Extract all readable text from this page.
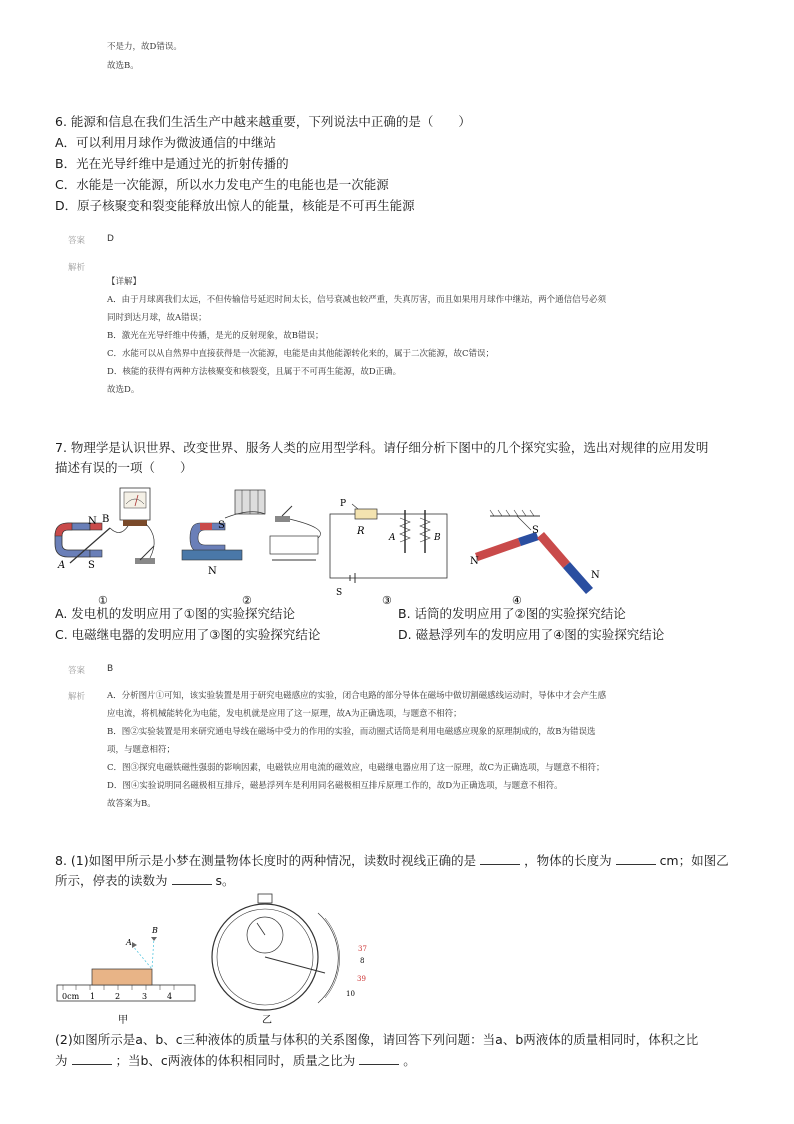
不是力，故D错误。
故选B。
6. 能源和信息在我们生活生产中越来越重要，下列说法中正确的是（　　）
A．可以利用月球作为微波通信的中继站
B．光在光导纤维中是通过光的折射传播的
C．水能是一次能源，所以水力发电产生的电能也是一次能源
D．原子核聚变和裂变能释放出惊人的能量，核能是不可再生能源
答案 D
解析
【详解】
A．由于月球离我们太远，不但传输信号延迟时间太长，信号衰减也较严重，失真厉害，而且如果用月球作中继站，两个通信信号必须
同时到达月球，故A错误；
B．激光在光导纤维中传播，是光的反射现象，故B错误；
C．水能可以从自然界中直接获得是一次能源，电能是由其他能源转化来的，属于二次能源，故C错误；
D．核能的获得有两种方法核聚变和核裂变，且属于不可再生能源，故D正确。
故选D。
7. 物理学是认识世界、改变世界、服务人类的应用型学科。请仔细分析下图中的几个探究实验，选出对规律的应用发明
描述有误的一项（　　）
N B
A S
①
S
N
②
P
R
A	B
S
③
S
N
N
④
A. 发电机的发明应用了①图的实验探究结论	B. 话筒的发明应用了②图的实验探究结论
C. 电磁继电器的发明应用了③图的实验探究结论	D. 磁悬浮列车的发明应用了④图的实验探究结论
答案 B
解析	A．分析图片①可知，该实验装置是用于研究电磁感应的实验，闭合电路的部分导体在磁场中做切割磁感线运动时，导体中才会产生感
应电流，将机械能转化为电能，发电机就是应用了这一原理，故A为正确选项，与题意不相符；
B．图②实验装置是用来研究通电导线在磁场中受力的作用的实验，而动圈式话筒是利用电磁感应现象的原理制成的，故B为错误选
项，与题意相符；
C．图③探究电磁铁磁性强弱的影响因素，电磁铁应用电流的磁效应，电磁继电器应用了这一原理，故C为正确选项，与题意不相符；
D．图④实验说明同名磁极相互排斥，磁悬浮列车是利用同名磁极相互排斥原理工作的，故D为正确选项，与题意不相符。
故答案为B。
8. (1)如图甲所示是小梦在测量物体长度时的两种情况，读数时视线正确的是	，物体的长度为	cm；如图乙
所示，停表的读数为	s。
0cm 1 2	3 4
A
B
甲
37
8
39
10
乙
(2)如图所示是a、b、c三种液体的质量与体积的关系图像，请回答下列问题：当a、b两液体的质量相同时，体积之比
为	；当b、c两液体的体积相同时，质量之比为	。
